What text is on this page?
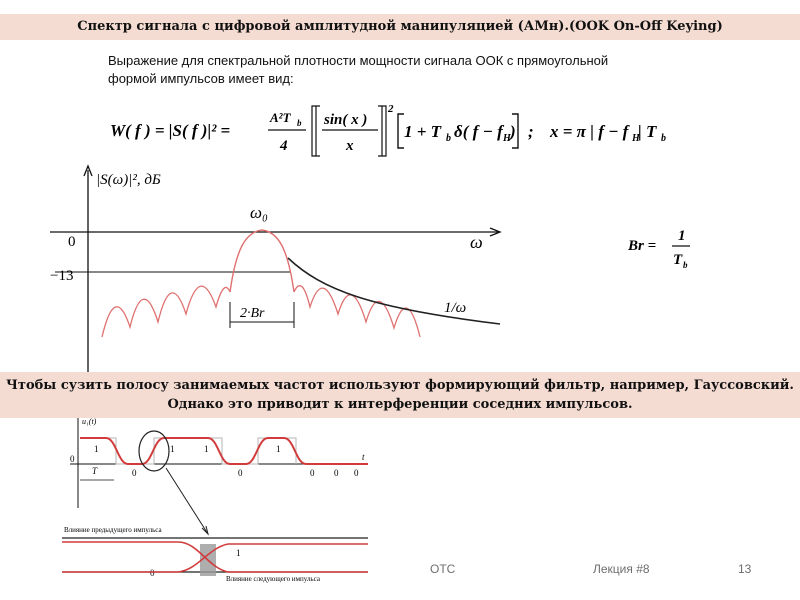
Спектр сигнала с цифровой амплитудной манипуляцией (АМн).(OOK On-Off Keying)
Выражение для спектральной плотности мощности сигнала ООК с прямоугольной
формой импульсов имеет вид:
W( f ) = |S( f )|² =
A²T b
4
sin( x )
x
2
1 + T b δ( f − f H ) ; x = π | f − f H
| T b
|S(ω)|², дБ
ω
0
−13
ω₀
1/ω
2·Br
Br =
1
T b
Чтобы сузить полосу занимаемых частот используют формирующий фильтр, например, Гауссовский.
Однако это приводит к интерференции соседних импульсов.
u₁(t)
t
0
1
0
1	1
0
1
0 0 0
T
Влияние предыдущего импульса
Влияние следующего импульса
1
0	ОТС	Лекция #8	13
